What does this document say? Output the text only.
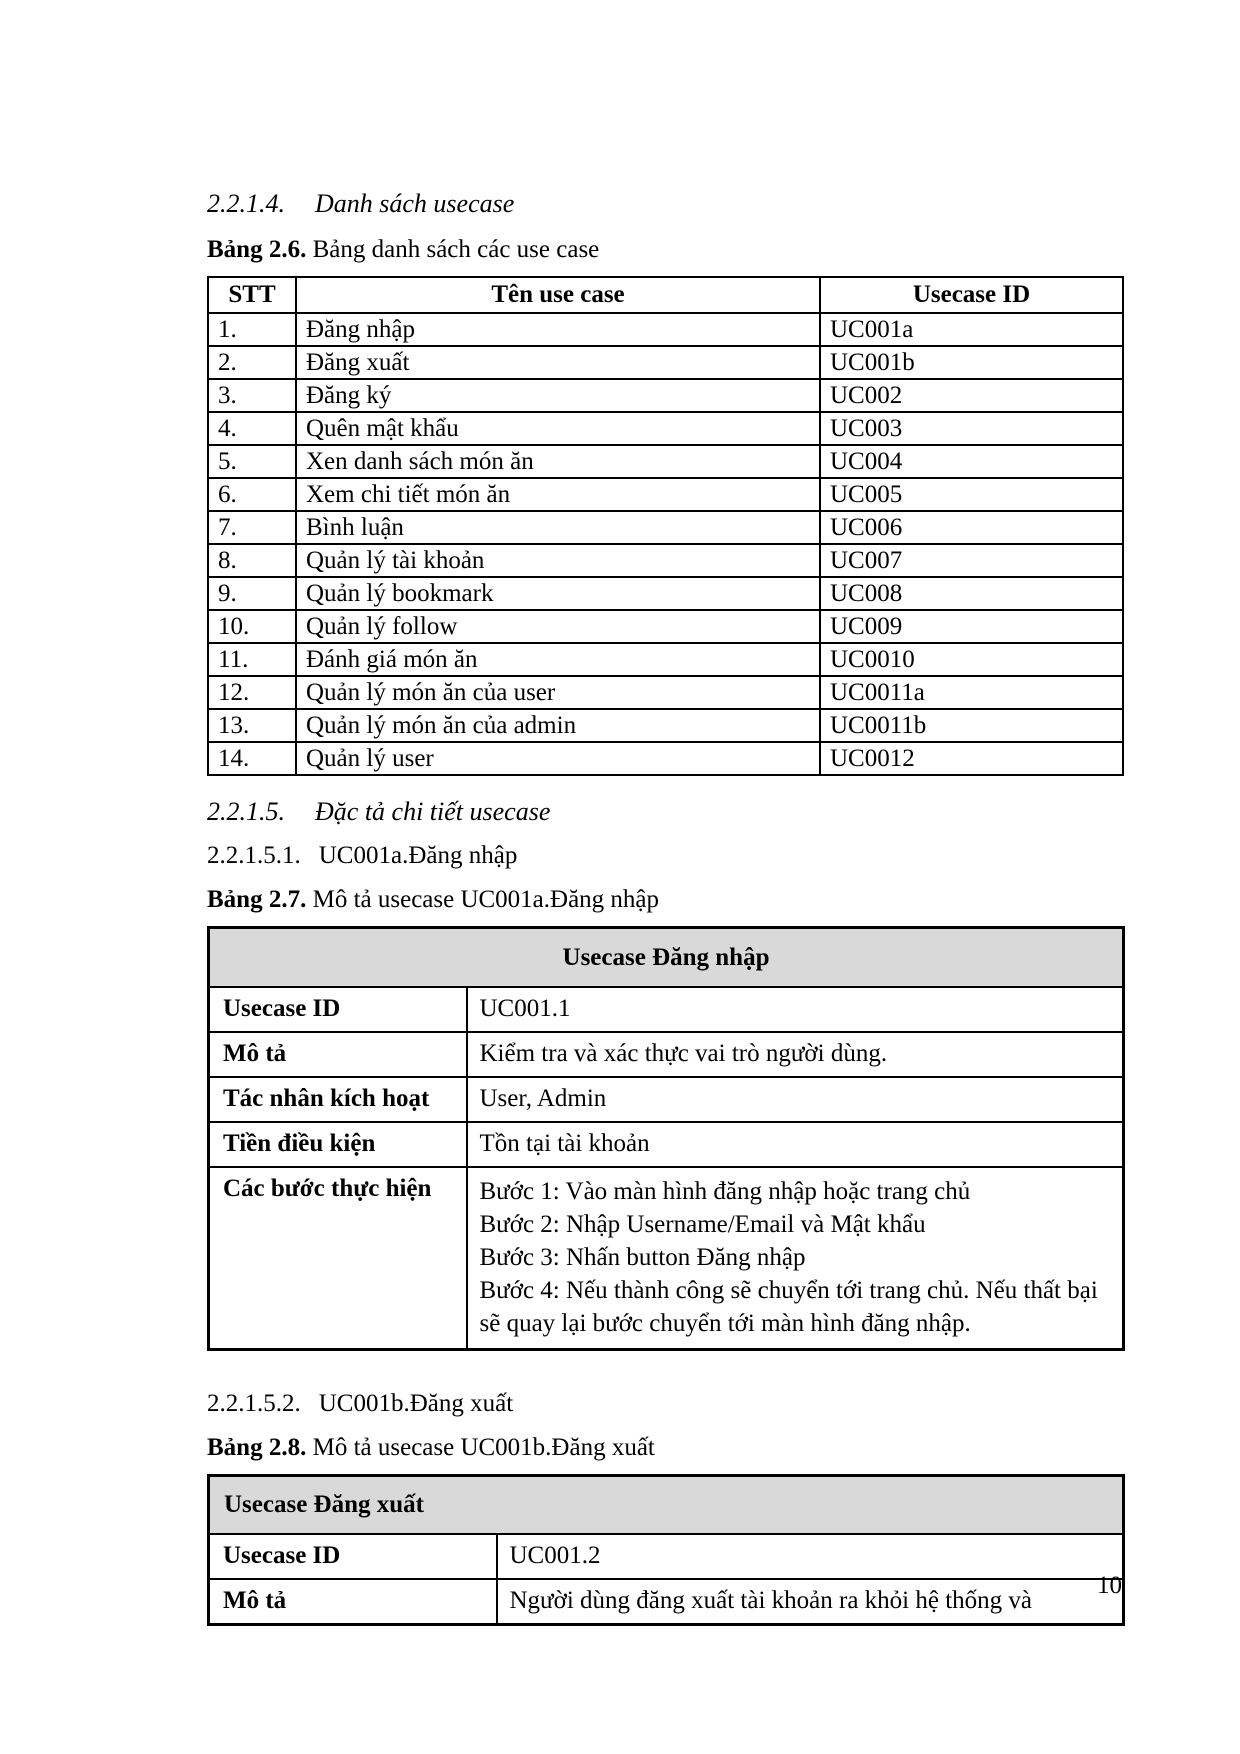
2.2.1.4. Danh sách usecase
Bảng 2.6. Bảng danh sách các use case
STT	Tên use case	Usecase ID
1.	Đăng nhập	UC001a
2.	Đăng xuất	UC001b
3.	Đăng ký	UC002
4.	Quên mật khẩu	UC003
5.	Xen danh sách món ăn	UC004
6.	Xem chi tiết món ăn	UC005
7.	Bình luận	UC006
8.	Quản lý tài khoản	UC007
9.	Quản lý bookmark	UC008
10.	Quản lý follow	UC009
11.	Đánh giá món ăn	UC0010
12.	Quản lý món ăn của user	UC0011a
13.	Quản lý món ăn của admin	UC0011b
14.	Quản lý user	UC0012
2.2.1.5. Đặc tả chi tiết usecase
2.2.1.5.1. UC001a.Đăng nhập
Bảng 2.7. Mô tả usecase UC001a.Đăng nhập
Usecase Đăng nhập	
Usecase ID	UC001.1
Mô tả	Kiểm tra và xác thực vai trò người dùng.
Tác nhân kích hoạt	User, Admin
Tiền điều kiện	Tồn tại tài khoản
Các bước thực hiện	Bước 1: Vào màn hình đăng nhập hoặc trang chủ
Bước 2: Nhập Username/Email và Mật khẩu
Bước 3: Nhấn button Đăng nhập
Bước 4: Nếu thành công sẽ chuyển tới trang chủ. Nếu thất bại sẽ quay lại bước chuyển tới màn hình đăng nhập.
2.2.1.5.2. UC001b.Đăng xuất
Bảng 2.8. Mô tả usecase UC001b.Đăng xuất
Usecase Đăng xuất	
Usecase ID	UC001.2
Mô tả	Người dùng đăng xuất tài khoản ra khỏi hệ thống và
10
